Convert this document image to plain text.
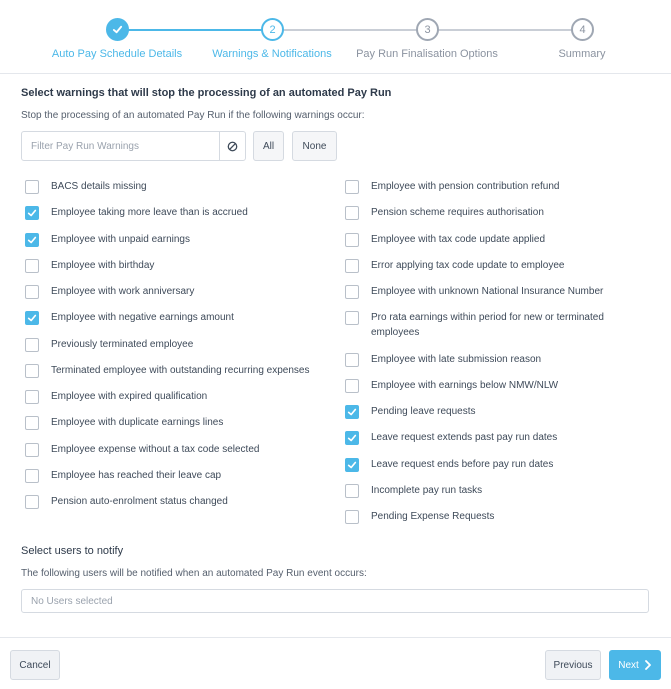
2	3	4
Auto Pay Schedule Details	Warnings & Notifications	Pay Run Finalisation Options	Summary
Select warnings that will stop the processing of an automated Pay Run
Stop the processing of an automated Pay Run if the following warnings occur:
Filter Pay Run Warnings
All	None
BACS details missing
Employee taking more leave than is accrued
Employee with unpaid earnings
Employee with birthday
Employee with work anniversary
Employee with negative earnings amount
Previously terminated employee
Terminated employee with outstanding recurring expenses
Employee with expired qualification
Employee with duplicate earnings lines
Employee expense without a tax code selected
Employee has reached their leave cap
Pension auto-enrolment status changed
Employee with pension contribution refund
Pension scheme requires authorisation
Employee with tax code update applied
Error applying tax code update to employee
Employee with unknown National Insurance Number
Pro rata earnings within period for new or terminated employees
Employee with late submission reason
Employee with earnings below NMW/NLW
Pending leave requests
Leave request extends past pay run dates
Leave request ends before pay run dates
Incomplete pay run tasks
Pending Expense Requests
Select users to notify
The following users will be notified when an automated Pay Run event occurs:
No Users selected
Cancel	Previous	Next
